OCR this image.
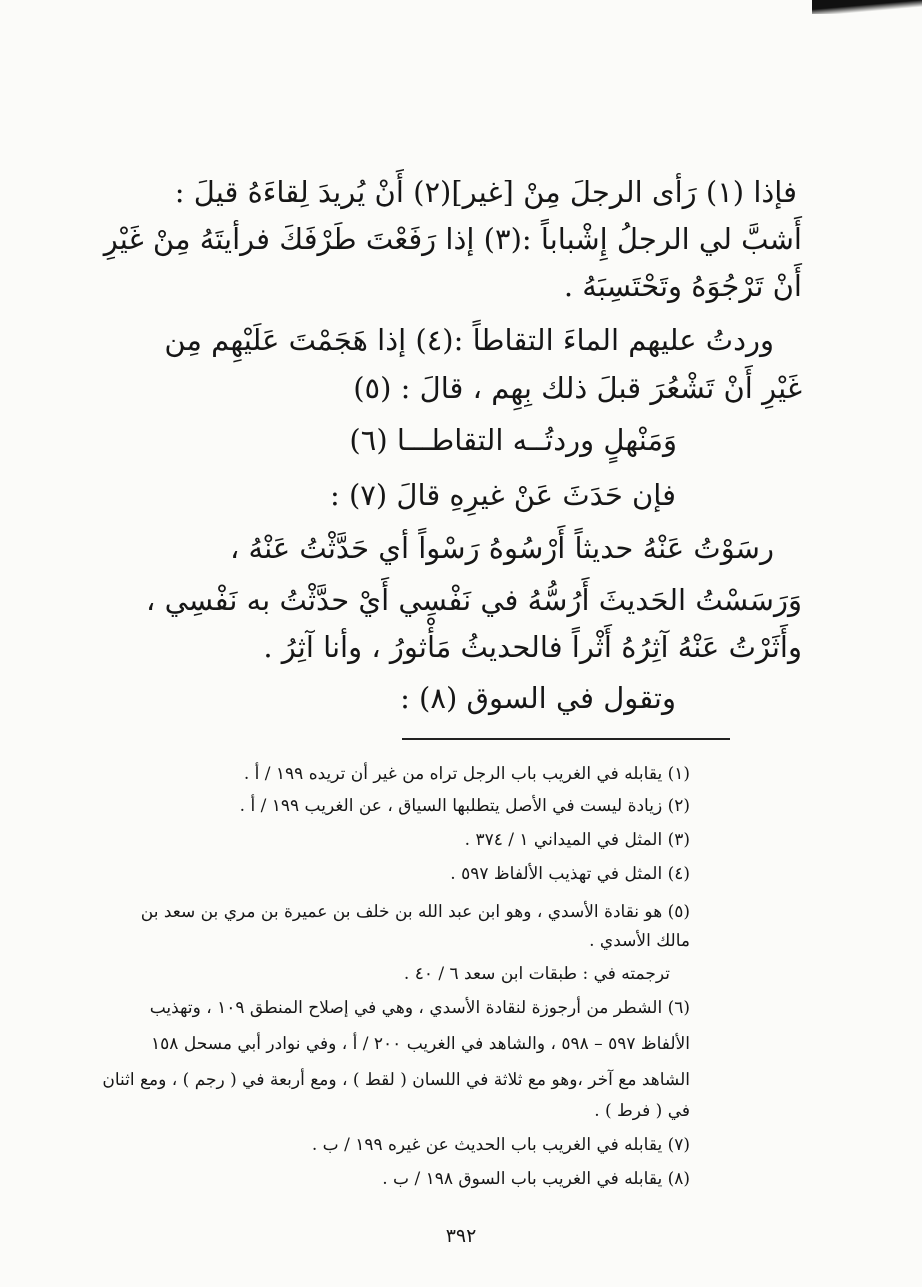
فإذا (١) رَأى الرجلَ مِنْ [غير](٢) أَنْ يُريدَ لِقاءَهُ قيلَ :
أَشبَّ لي الرجلُ إِشْباباً :(٣) إذا رَفَعْتَ طَرْفَكَ فرأيتَهُ مِنْ غَيْرِ
أَنْ تَرْجُوَهُ وتَحْتَسِبَهُ .
وردتُ عليهم الماءَ التقاطاً :(٤) إذا هَجَمْتَ عَلَيْهِم مِن
غَيْرِ أَنْ تَشْعُرَ قبلَ ذلك بِهِم ، قالَ : (٥)
وَمَنْهلٍ وردتُــه التقاطـــا (٦)
فإن حَدَثَ عَنْ غيرِهِ قالَ (٧) :
رسَوْتُ عَنْهُ حديثاً أَرْسُوهُ رَسْواً أي حَدَّثْتُ عَنْهُ ،
وَرَسَسْتُ الحَديثَ أَرُسُّهُ في نَفْسِي أَيْ حدَّثْتُ به نَفْسِي ،
وأَثَرْتُ عَنْهُ آثِرُهُ أَثْراً فالحديثُ مَأْثورُ ، وأنا آثِرُ .
وتقول في السوق (٨) :
(١) يقابله في الغريب باب الرجل تراه من غير أن تريده ١٩٩ / أ .
(٢) زيادة ليست في الأصل يتطلبها السياق ، عن الغريب ١٩٩ / أ .
(٣) المثل في الميداني ١ / ٣٧٤ .
(٤) المثل في تهذيب الألفاظ ٥٩٧ .
(٥) هو نقادة الأسدي ، وهو ابن عبد الله بن خلف بن عميرة بن مري بن سعد بن
مالك الأسدي .
ترجمته في : طبقات ابن سعد ٦ / ٤٠ .
(٦) الشطر من أرجوزة لنقادة الأسدي ، وهي في إصلاح المنطق ١٠٩ ، وتهذيب
الألفاظ ٥٩٧ – ٥٩٨ ، والشاهد في الغريب ٢٠٠ / أ ، وفي نوادر أبي مسحل ١٥٨
الشاهد مع آخر ،وهو مع ثلاثة في اللسان ( لقط ) ، ومع أربعة في ( رجم ) ، ومع اثنان
في ( فرط ) .
(٧) يقابله في الغريب باب الحديث عن غيره ١٩٩ / ب .
(٨) يقابله في الغريب باب السوق ١٩٨ / ب .
٣٩٢
